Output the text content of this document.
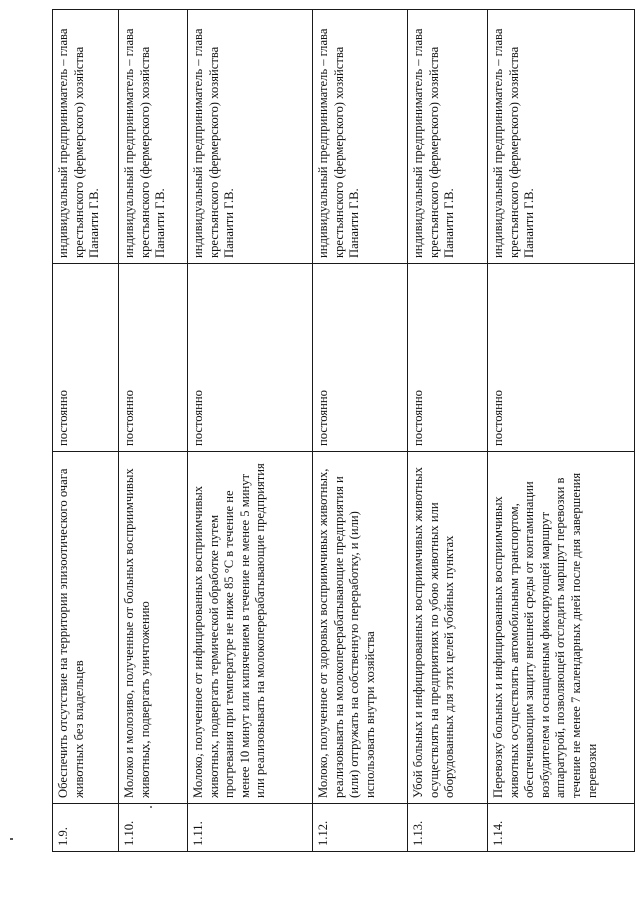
1.9.	Обеспечить отсутствие на территории эпизоотического очага животных без владельцев	постоянно	индивидуальный предприниматель – глава крестьянского (фермерского) хозяйства Панаити Г.В.
1.10.	Молоко и молозиво, полученные от больных восприимчивых животных, подвергать уничтожению	постоянно	индивидуальный предприниматель – глава крестьянского (фермерского) хозяйства Панаити Г.В.
1.11.	Молоко, полученное от инфицированных восприимчивых животных, подвергать термической обработке путем прогревания при температуре не ниже 85 °С в течение не менее 10 минут или кипячением в течение не менее 5 минут или реализовывать на молокоперерабатывающие предприятия	постоянно	индивидуальный предприниматель – глава крестьянского (фермерского) хозяйства Панаити Г.В.
1.12.	Молоко, полученное от здоровых восприимчивых животных, реализовывать на молокоперерабатывающие предприятия и (или) отгружать на собственную переработку, и (или) использовать внутри хозяйства	постоянно	индивидуальный предприниматель – глава крестьянского (фермерского) хозяйства Панаити Г.В.
1.13.	Убой больных и инфицированных восприимчивых животных осуществлять на предприятиях по убою животных или оборудованных для этих целей убойных пунктах	постоянно	индивидуальный предприниматель – глава крестьянского (фермерского) хозяйства Панаити Г.В.
1.14.	Перевозку больных и инфицированных восприимчивых животных осуществлять автомобильным транспортом, обеспечивающим защиту внешней среды от контаминации возбудителем и оснащенным фиксирующей маршрут аппаратурой, позволяющей отследить маршрут перевозки в течение не менее 7 календарных дней после дня завершения перевозки	постоянно	индивидуальный предприниматель – глава крестьянского (фермерского) хозяйства Панаити Г.В.
